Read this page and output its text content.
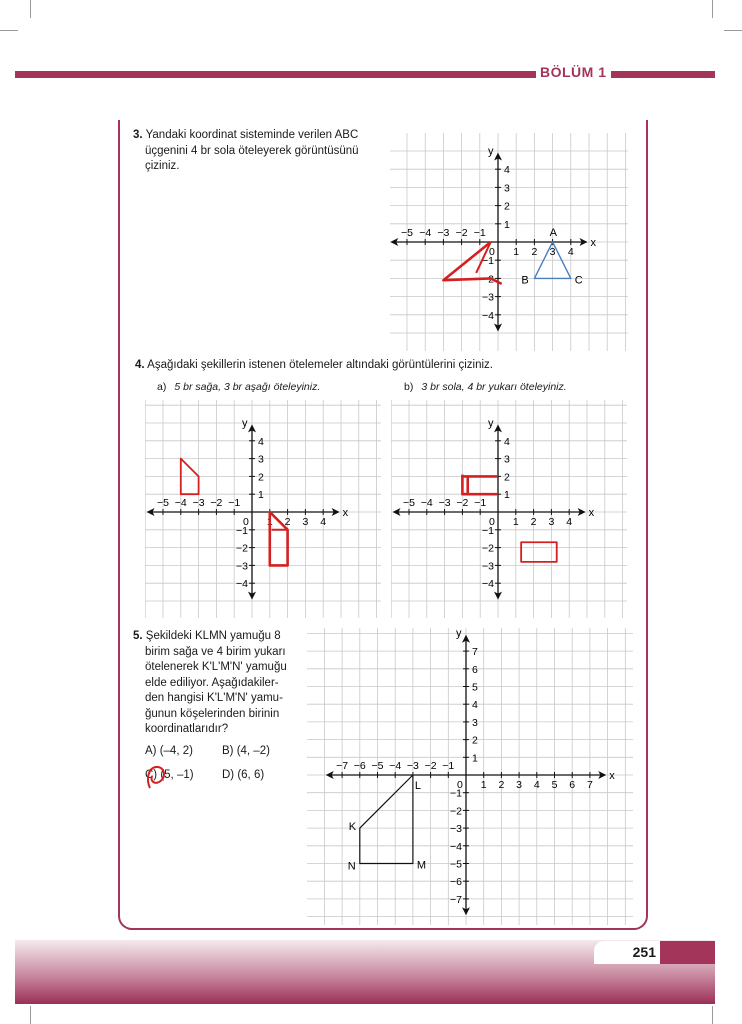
BÖLÜM 1
3. Yandaki koordinat sisteminde verilen ABC
üçgenini 4 br sola öteleyerek görüntüsünü
çiziniz.
x
y
−5 −4 −3 −2 −1
1 2 3 4
−4
−3
−2
−1
1
2
3
4
0
A
B	C
4. Aşağıdaki şekillerin istenen ötelemeler altındaki görüntülerini çiziniz.
a) 5 br sağa, 3 br aşağı öteleyiniz.	b) 3 br sola, 4 br yukarı öteleyiniz.
x
y
−5 −4 −3 −2 −1
1 2 3 4
−4
−3
−2
−1
1
2
3
4
0
x
y
−5 −4 −3 −2 −1
1 2 3 4
−4
−3
−2
−1
1
2
3
4
0
5. Şekildeki KLMN yamuğu 8
birim sağa ve 4 birim yukarı
ötelenerek K'L'M'N' yamuğu
elde ediliyor. Aşağıdakiler-
den hangisi K'L'M'N' yamu-
ğunun köşelerinden birinin
koordinatlarıdır?
A) (–4, 2)	B) (4, –2)
C) (5, –1) D) (6, 6)	x
y
−7 −6 −5 −4 −3 −2 −1
1 2 3 4 5 6 7
−7
−6
−5
−4
−3
−2
−1
1
2
3
4
5
6
7
0
K
L
M
N
251
